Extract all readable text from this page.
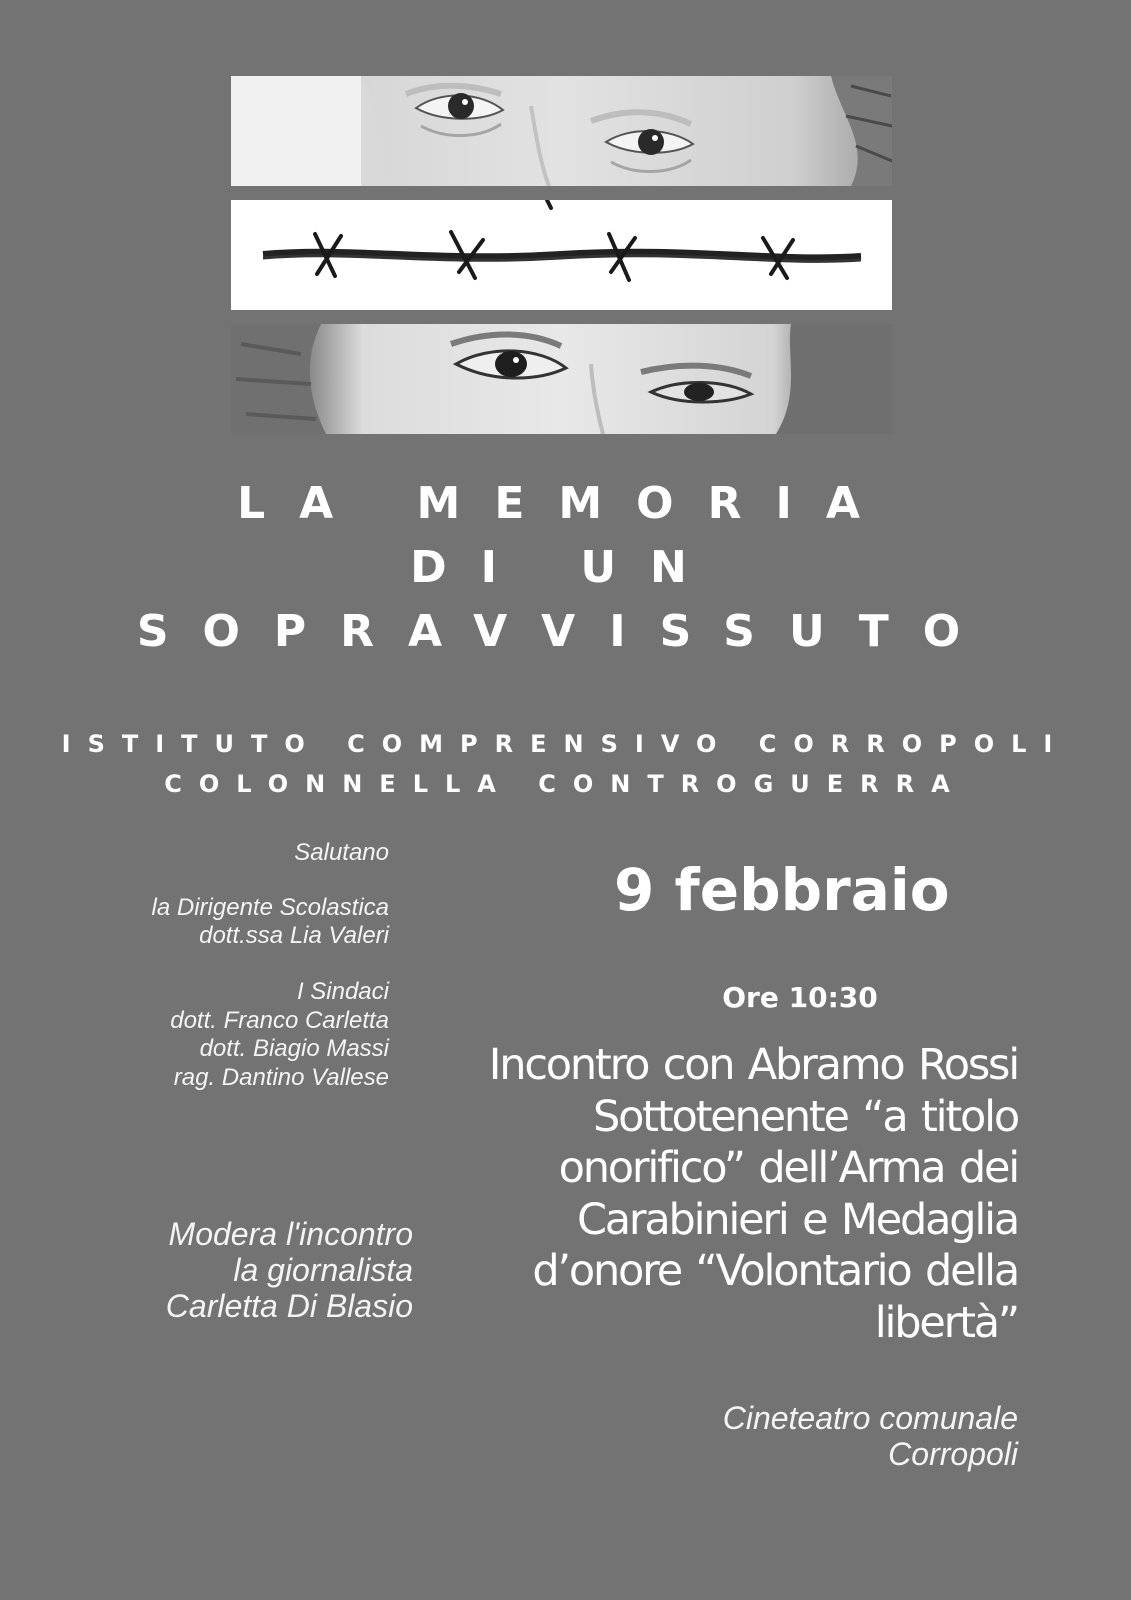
LA MEMORIA
DI UN
SOPRAVVISSUTO
ISTITUTO COMPRENSIVO CORROPOLI
COLONNELLA CONTROGUERRA
Salutano
la Dirigente Scolastica
dott.ssa Lia Valeri
I Sindaci
dott. Franco Carletta
dott. Biagio Massi
rag. Dantino Vallese
Modera l'incontro
la giornalista
Carletta Di Blasio
9 febbraio
Ore 10:30
Incontro con Abramo Rossi
Sottotenente “a titolo
onorifico” dell’Arma dei
Carabinieri e Medaglia
d’onore “Volontario della
libertà”
Cineteatro comunale
Corropoli
